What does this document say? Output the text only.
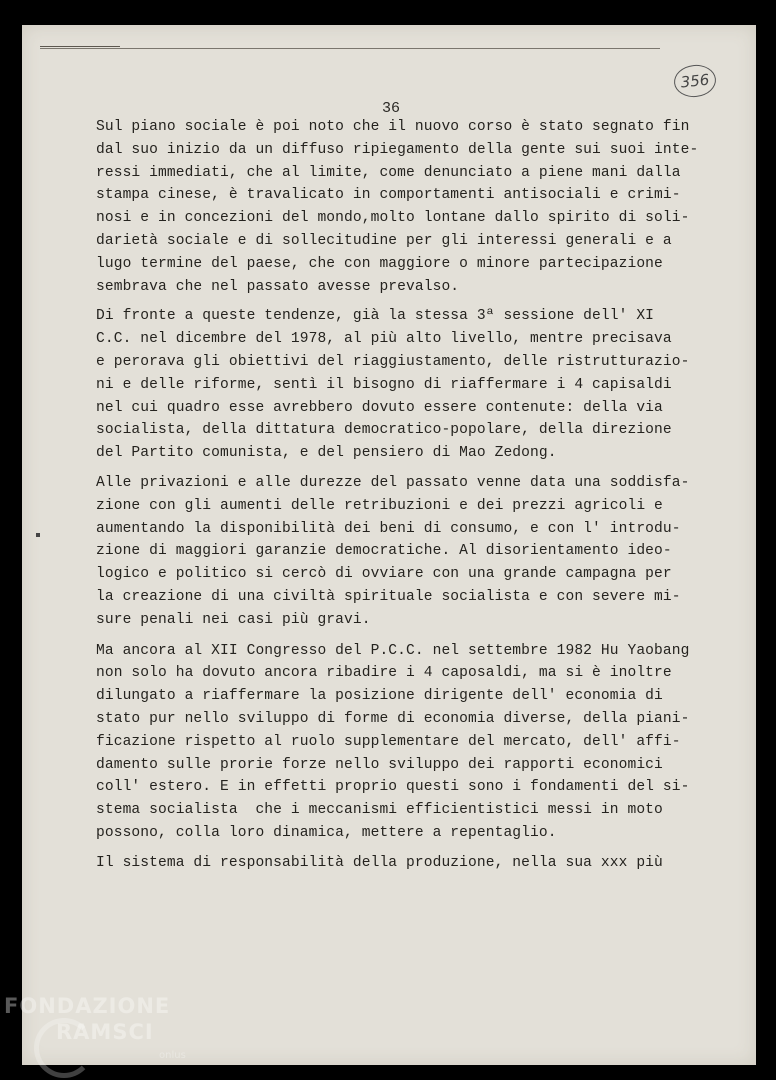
356
36
Sul piano sociale è poi noto che il nuovo corso è stato segnato fin
dal suo inizio da un diffuso ripiegamento della gente sui suoi inte-
ressi immediati, che al limite, come denunciato a piene mani dalla
stampa cinese, è travalicato in comportamenti antisociali e crimi-
nosi e in concezioni del mondo,molto lontane dallo spirito di soli-
darietà sociale e di sollecitudine per gli interessi generali e a
lugo termine del paese, che con maggiore o minore partecipazione
sembrava che nel passato avesse prevalso.
Di fronte a queste tendenze, già la stessa 3ª sessione dell' XI
C.C. nel dicembre del 1978, al più alto livello, mentre precisava
e perorava gli obiettivi del riaggiustamento, delle ristrutturazio-
ni e delle riforme, sentì il bisogno di riaffermare i 4 capisaldi
nel cui quadro esse avrebbero dovuto essere contenute: della via
socialista, della dittatura democratico-popolare, della direzione
del Partito comunista, e del pensiero di Mao Zedong.
Alle privazioni e alle durezze del passato venne data una soddisfa-
zione con gli aumenti delle retribuzioni e dei prezzi agricoli e
aumentando la disponibilità dei beni di consumo, e con l' introdu-
zione di maggiori garanzie democratiche. Al disorientamento ideo-
logico e politico si cercò di ovviare con una grande campagna per
la creazione di una civiltà spirituale socialista e con severe mi-
sure penali nei casi più gravi.
Ma ancora al XII Congresso del P.C.C. nel settembre 1982 Hu Yaobang
non solo ha dovuto ancora ribadire i 4 caposaldi, ma si è inoltre
dilungato a riaffermare la posizione dirigente dell' economia di
stato pur nello sviluppo di forme di economia diverse, della piani-
ficazione rispetto al ruolo supplementare del mercato, dell' affi-
damento sulle prorie forze nello sviluppo dei rapporti economici
coll' estero. E in effetti proprio questi sono i fondamenti del si-
stema socialista  che i meccanismi efficientistici messi in moto
possono, colla loro dinamica, mettere a repentaglio.
Il sistema di responsabilità della produzione, nella sua xxx più
FONDAZIONE
RAMSCI
onlus
